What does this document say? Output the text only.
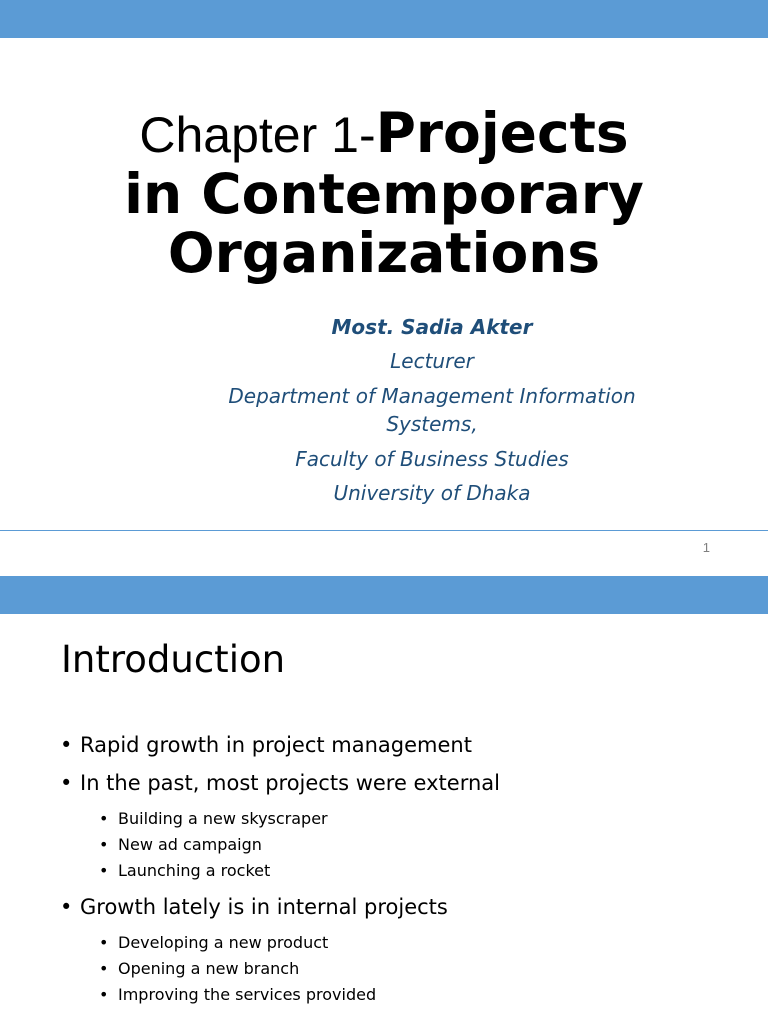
Chapter 1-Projects
in Contemporary
Organizations
Most. Sadia Akter
Lecturer
Department of Management Information Systems,
Faculty of Business Studies
University of Dhaka
1
Introduction
• Rapid growth in project management
• In the past, most projects were external
• Building a new skyscraper
• New ad campaign
• Launching a rocket
• Growth lately is in internal projects
• Developing a new product
• Opening a new branch
• Improving the services provided
